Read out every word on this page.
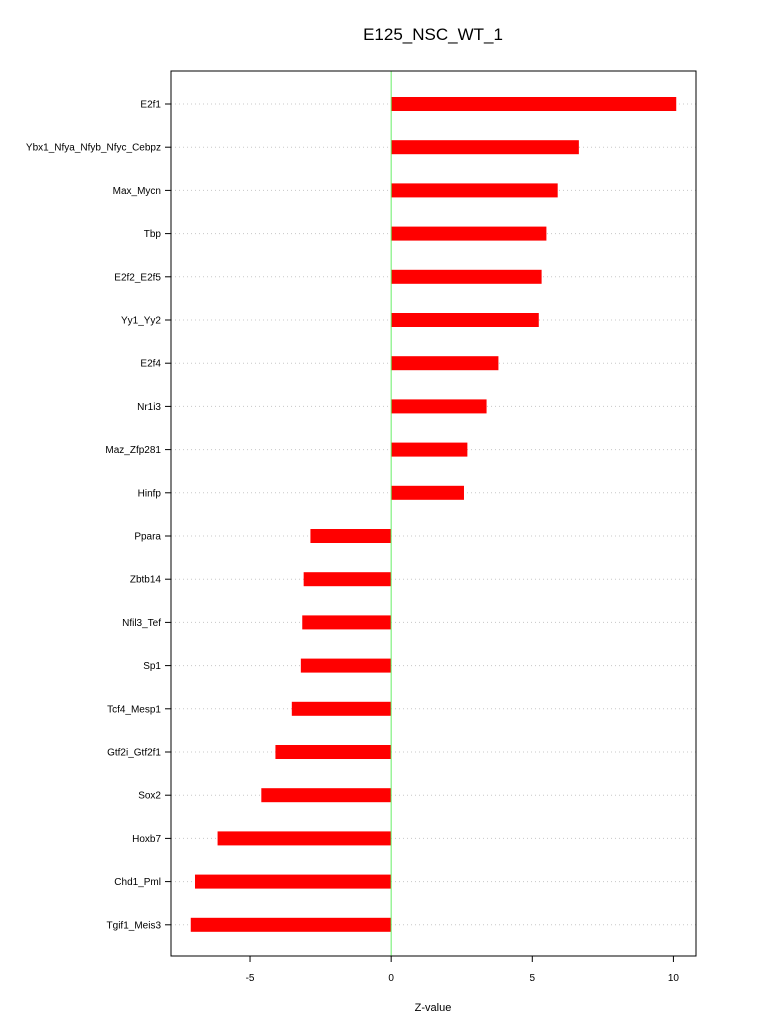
E125_NSC_WT_1
E2f1
Ybx1_Nfya_Nfyb_Nfyc_Cebpz
Max_Mycn
Tbp
E2f2_E2f5
Yy1_Yy2
E2f4
Nr1i3
Maz_Zfp281
Hinfp
Ppara
Zbtb14
Nfil3_Tef
Sp1
Tcf4_Mesp1
Gtf2i_Gtf2f1
Sox2
Hoxb7
Chd1_Pml
Tgif1_Meis3
-5	0	5	10
Z-value
